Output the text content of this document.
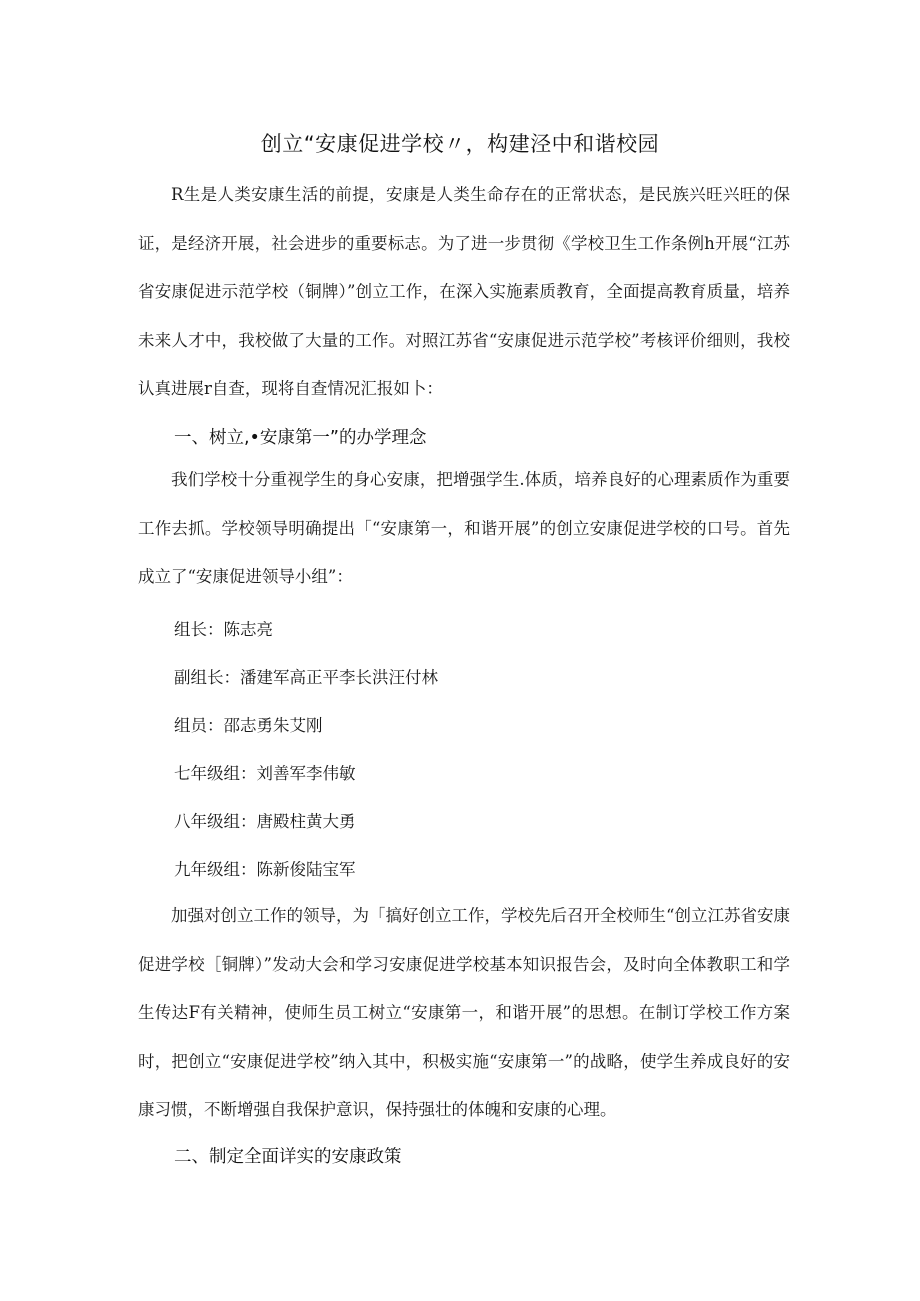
创立“安康促进学校〃，构建泾中和谐校园

R生是人类安康生活的前提，安康是人类生命存在的正常状态，是民族兴旺兴旺的保证，是经济开展，社会进步的重要标志。为了进一步贯彻《学校卫生工作条例h开展“江苏省安康促进示范学校（铜牌）”创立工作，在深入实施素质教育，全面提高教育质量，培养未来人才中，我校做了大量的工作。对照江苏省“安康促进示范学校”考核评价细则，我校认真进展r自查，现将自查情况汇报如卜：

一、树立,•安康第一”的办学理念

我们学校十分重视学生的身心安康，把增强学生.体质，培养良好的心理素质作为重要工作去抓。学校领导明确提出「“安康第一，和谐开展”的创立安康促进学校的口号。首先成立了“安康促进领导小组”：

组长：陈志亮
副组长：潘建军高正平李长洪汪付林
组员：邵志勇朱艾刚
七年级组：刘善军李伟敏
八年级组：唐殿柱黄大勇
九年级组：陈新俊陆宝军

加强对创立工作的领导，为「搞好创立工作，学校先后召开全校师生“创立江苏省安康促进学校［铜牌）”发动大会和学习安康促进学校基本知识报告会，及时向全体教职工和学生传达F有关精神，使师生员工树立“安康第一，和谐开展”的思想。在制订学校工作方案时，把创立“安康促进学校”纳入其中，积极实施“安康第一”的战略，使学生养成良好的安康习惯，不断增强自我保护意识，保持强壮的体魄和安康的心理。

二、制定全面详实的安康政策
